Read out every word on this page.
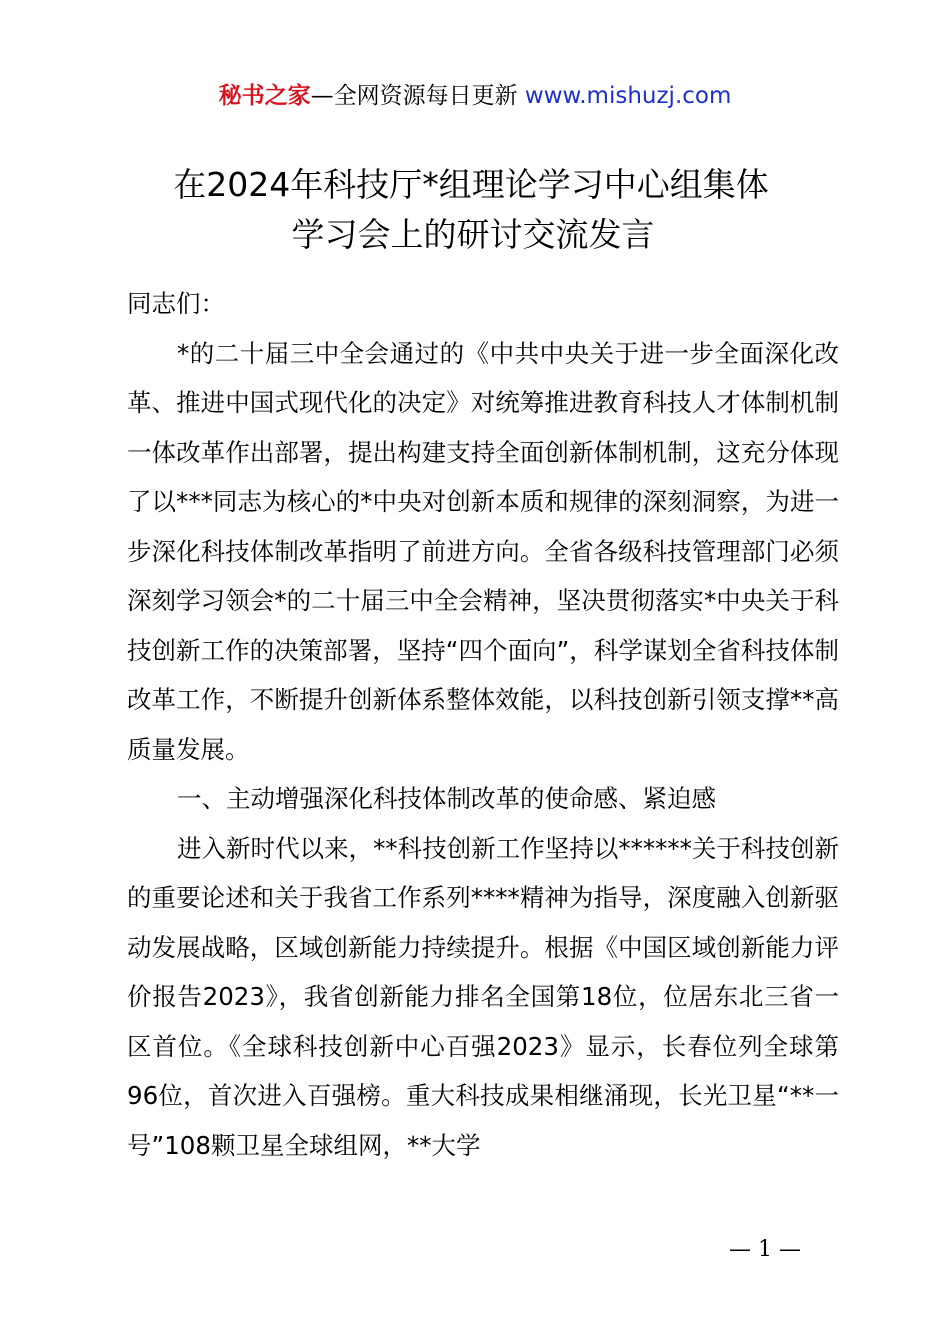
秘书之家—全网资源每日更新 www.mishuzj.com
在2024年科技厅*组理论学习中心组集体
学习会上的研讨交流发言

同志们：

*的二十届三中全会通过的《中共中央关于进一步全面深化改革、推进中国式现代化的决定》对统筹推进教育科技人才体制机制一体改革作出部署，提出构建支持全面创新体制机制，这充分体现了以***同志为核心的*中央对创新本质和规律的深刻洞察，为进一步深化科技体制改革指明了前进方向。全省各级科技管理部门必须深刻学习领会*的二十届三中全会精神，坚决贯彻落实*中央关于科技创新工作的决策部署，坚持“四个面向”，科学谋划全省科技体制改革工作，不断提升创新体系整体效能，以科技创新引领支撑**高质量发展。

一、主动增强深化科技体制改革的使命感、紧迫感

进入新时代以来，**科技创新工作坚持以******关于科技创新的重要论述和关于我省工作系列****精神为指导，深度融入创新驱动发展战略，区域创新能力持续提升。根据《中国区域创新能力评价报告2023》，我省创新能力排名全国第18位，位居东北三省一区首位。《全球科技创新中心百强2023》显示，长春位列全球第96位，首次进入百强榜。重大科技成果相继涌现，长光卫星“**一号”108颗卫星全球组网，**大学

— 1 —
